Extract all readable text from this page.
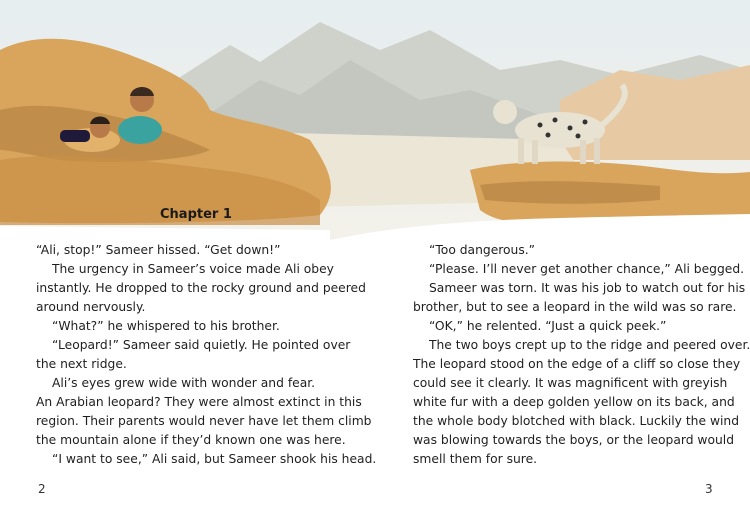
Chapter 1

“Ali, stop!” Sameer hissed. “Get down!”

The urgency in Sameer’s voice made Ali obey

instantly. He dropped to the rocky ground and peered

around nervously.

“What?” he whispered to his brother.

“Leopard!” Sameer said quietly. He pointed over

the next ridge.

Ali’s eyes grew wide with wonder and fear.

An Arabian leopard? They were almost extinct in this

region. Their parents would never have let them climb

the mountain alone if they’d known one was here.

“I want to see,” Ali said, but Sameer shook his head.

“Too dangerous.”

“Please. I’ll never get another chance,” Ali begged.

Sameer was torn. It was his job to watch out for his

brother, but to see a leopard in the wild was so rare.

“OK,” he relented. “Just a quick peek.”

The two boys crept up to the ridge and peered over.

The leopard stood on the edge of a cliff so close they

could see it clearly. It was magnificent with greyish

white fur with a deep golden yellow on its back, and

the whole body blotched with black. Luckily the wind

was blowing towards the boys, or the leopard would

smell them for sure.

2	3
